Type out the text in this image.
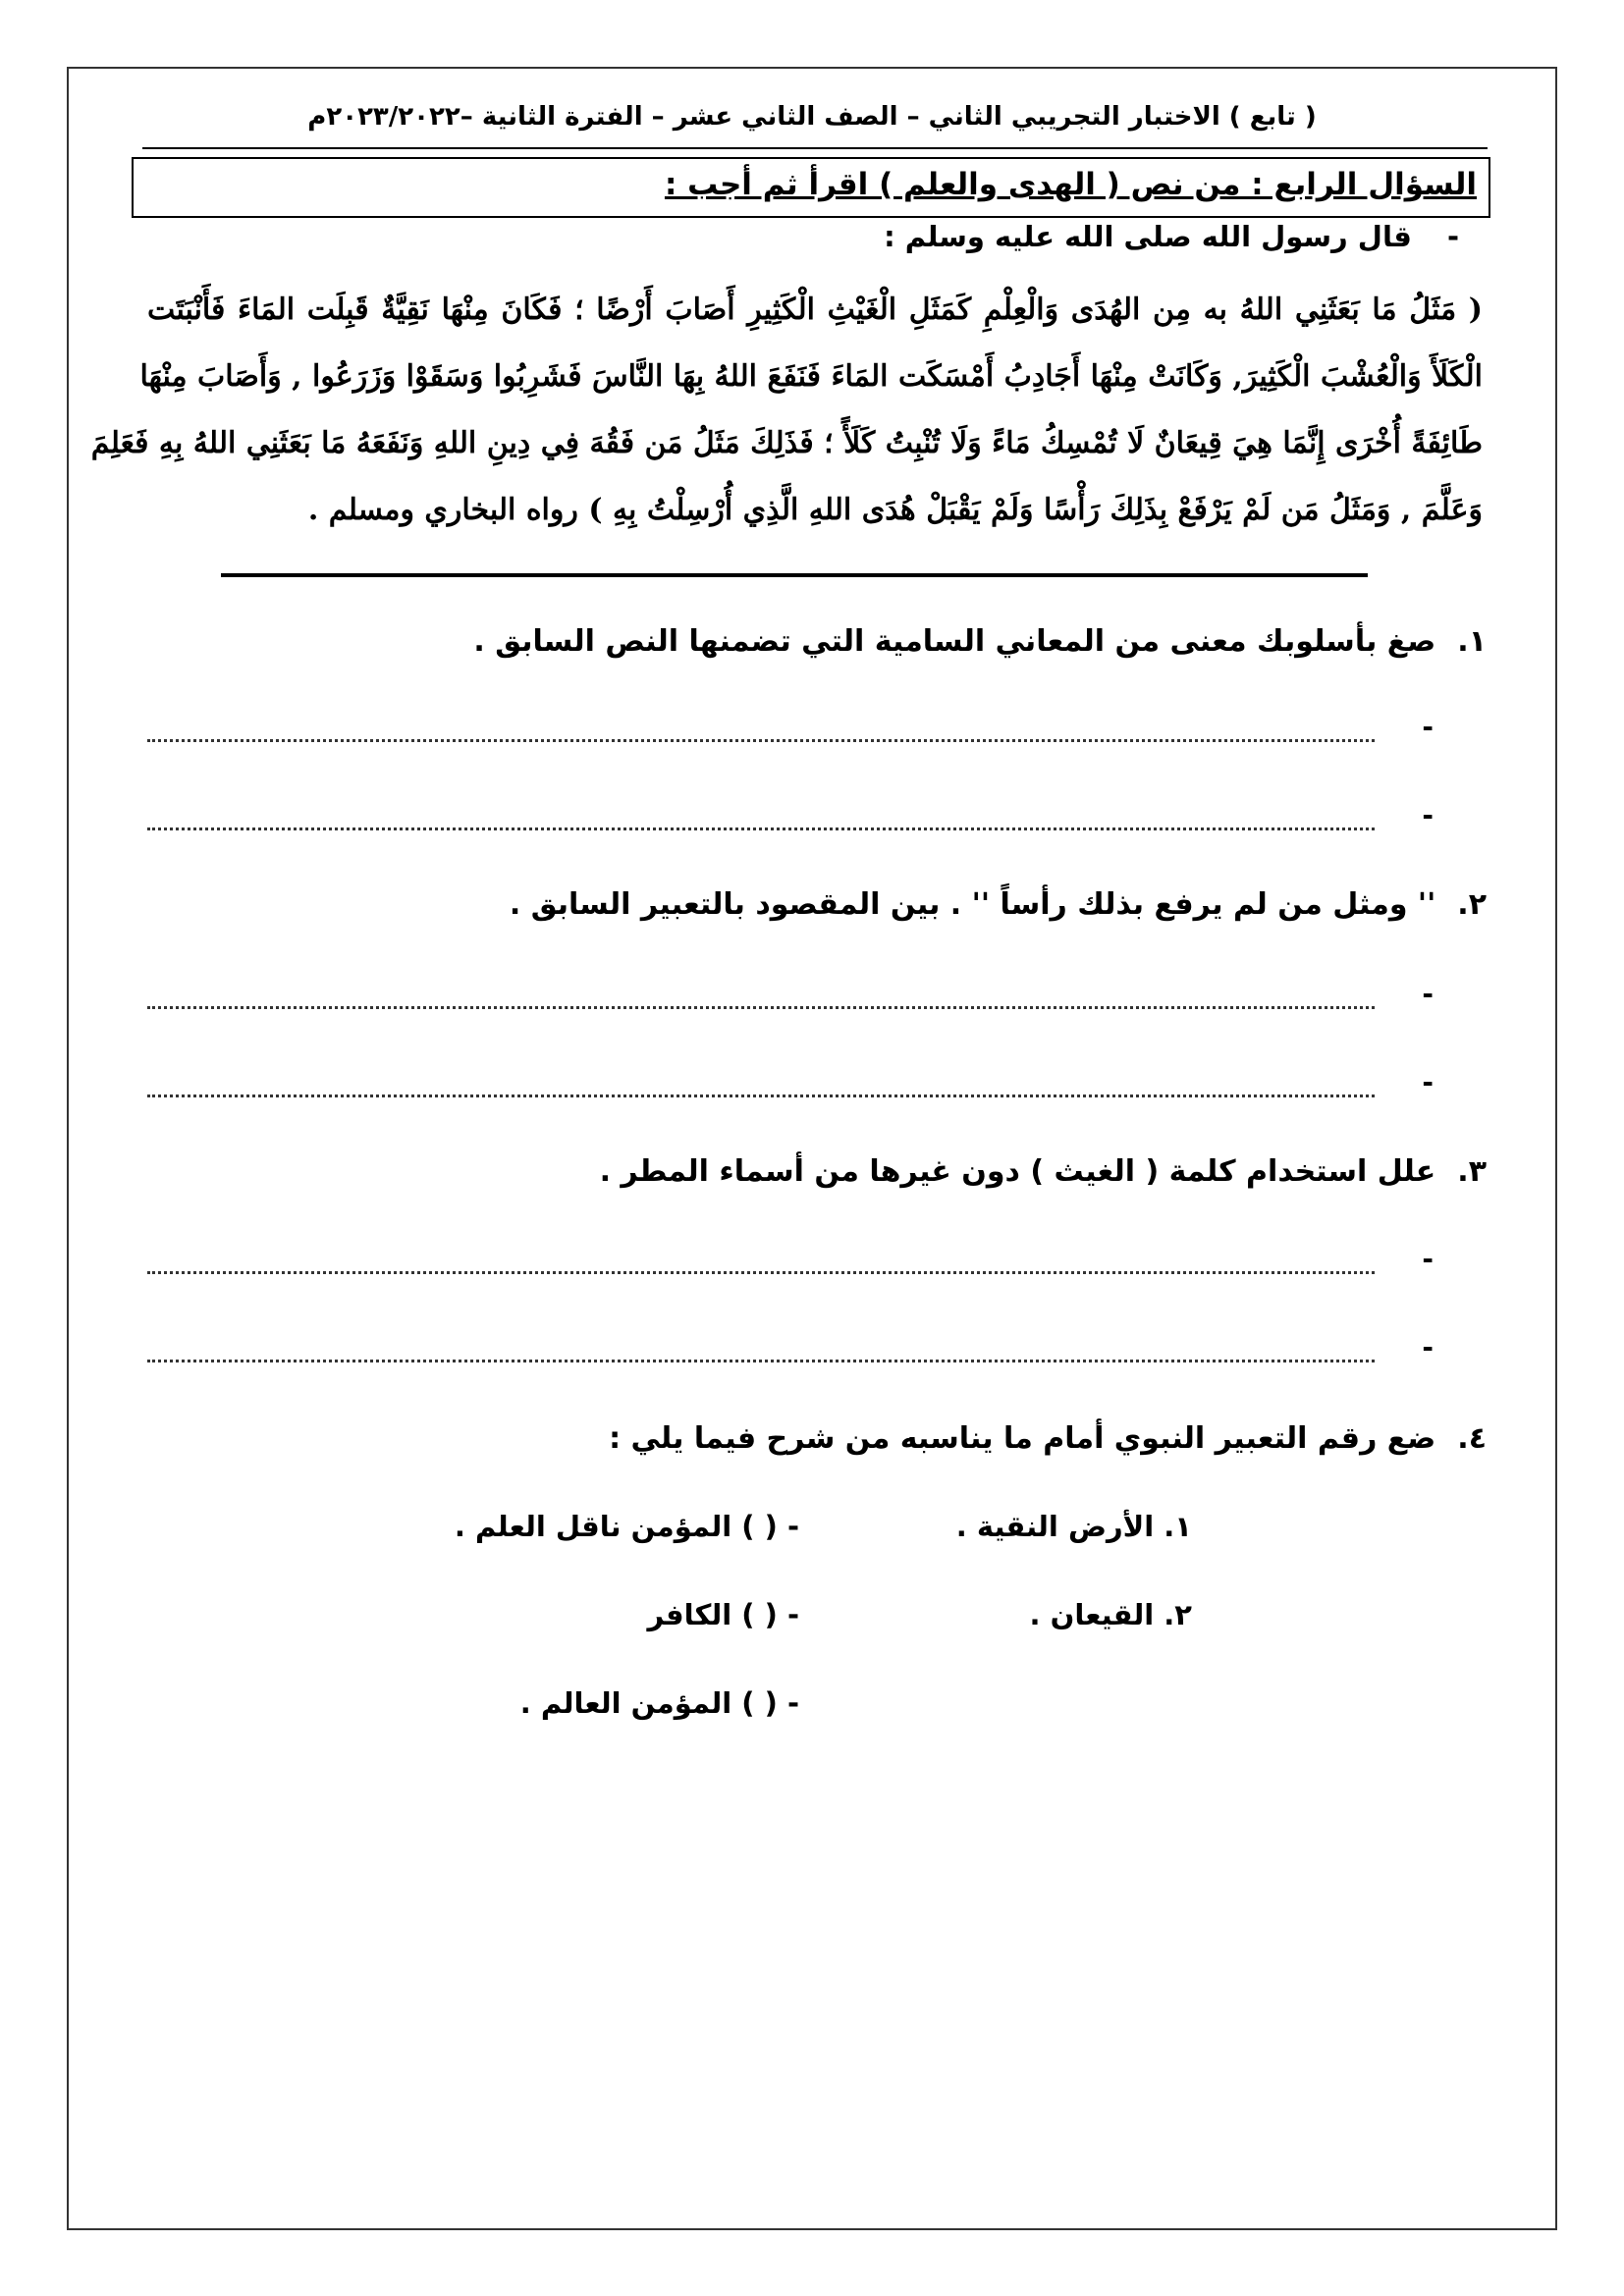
( تابع ) الاختبار التجريبي الثاني – الصف الثاني عشر – الفترة الثانية –٢٠٢٣/٢٠٢٢م
السؤال الرابع : من نص ( الهدى والعلم ) اقرأ ثم أجب :
- قال رسول الله صلى الله عليه وسلم :
( مَثَلُ مَا بَعَثَنِي اللهُ به مِن الهُدَى وَالْعِلْمِ كَمَثَلِ الْغَيْثِ الْكَثِيرِ أَصَابَ أَرْضًا ؛ فَكَانَ مِنْهَا نَقِيَّةٌ قَبِلَت المَاءَ فَأَنْبَتَت
الْكَلَأَ وَالْعُشْبَ الْكَثِيرَ, وَكَانَتْ مِنْهَا أَجَادِبُ أَمْسَكَت المَاءَ فَنَفَعَ اللهُ بِهَا النَّاسَ فَشَرِبُوا وَسَقَوْا وَزَرَعُوا , وَأَصَابَ مِنْهَا
طَائِفَةً أُخْرَى إِنَّمَا هِيَ قِيعَانٌ لَا تُمْسِكُ مَاءً وَلَا تُنْبِتُ كَلَأً ؛ فَذَلِكَ مَثَلُ مَن فَقُهَ فِي دِينِ اللهِ وَنَفَعَهُ مَا بَعَثَنِي اللهُ بِهِ فَعَلِمَ
وَعَلَّمَ , وَمَثَلُ مَن لَمْ يَرْفَعْ بِذَلِكَ رَأْسًا وَلَمْ يَقْبَلْ هُدَى اللهِ الَّذِي أُرْسِلْتُ بِهِ ) رواه البخاري ومسلم .
١.صغ بأسلوبك معنى من المعاني السامية التي تضمنها النص السابق .
-
-
٢.'' ومثل من لم يرفع بذلك رأساً '' . بين المقصود بالتعبير السابق .
-
-
٣.علل استخدام كلمة ( الغيث ) دون غيرها من أسماء المطر .
-
-
٤.ضع رقم التعبير النبوي أمام ما يناسبه من شرح فيما يلي :
١. الأرض النقية .
- ( ) المؤمن ناقل العلم .
٢. القيعان .
- ( ) الكافر
- ( ) المؤمن العالم .
